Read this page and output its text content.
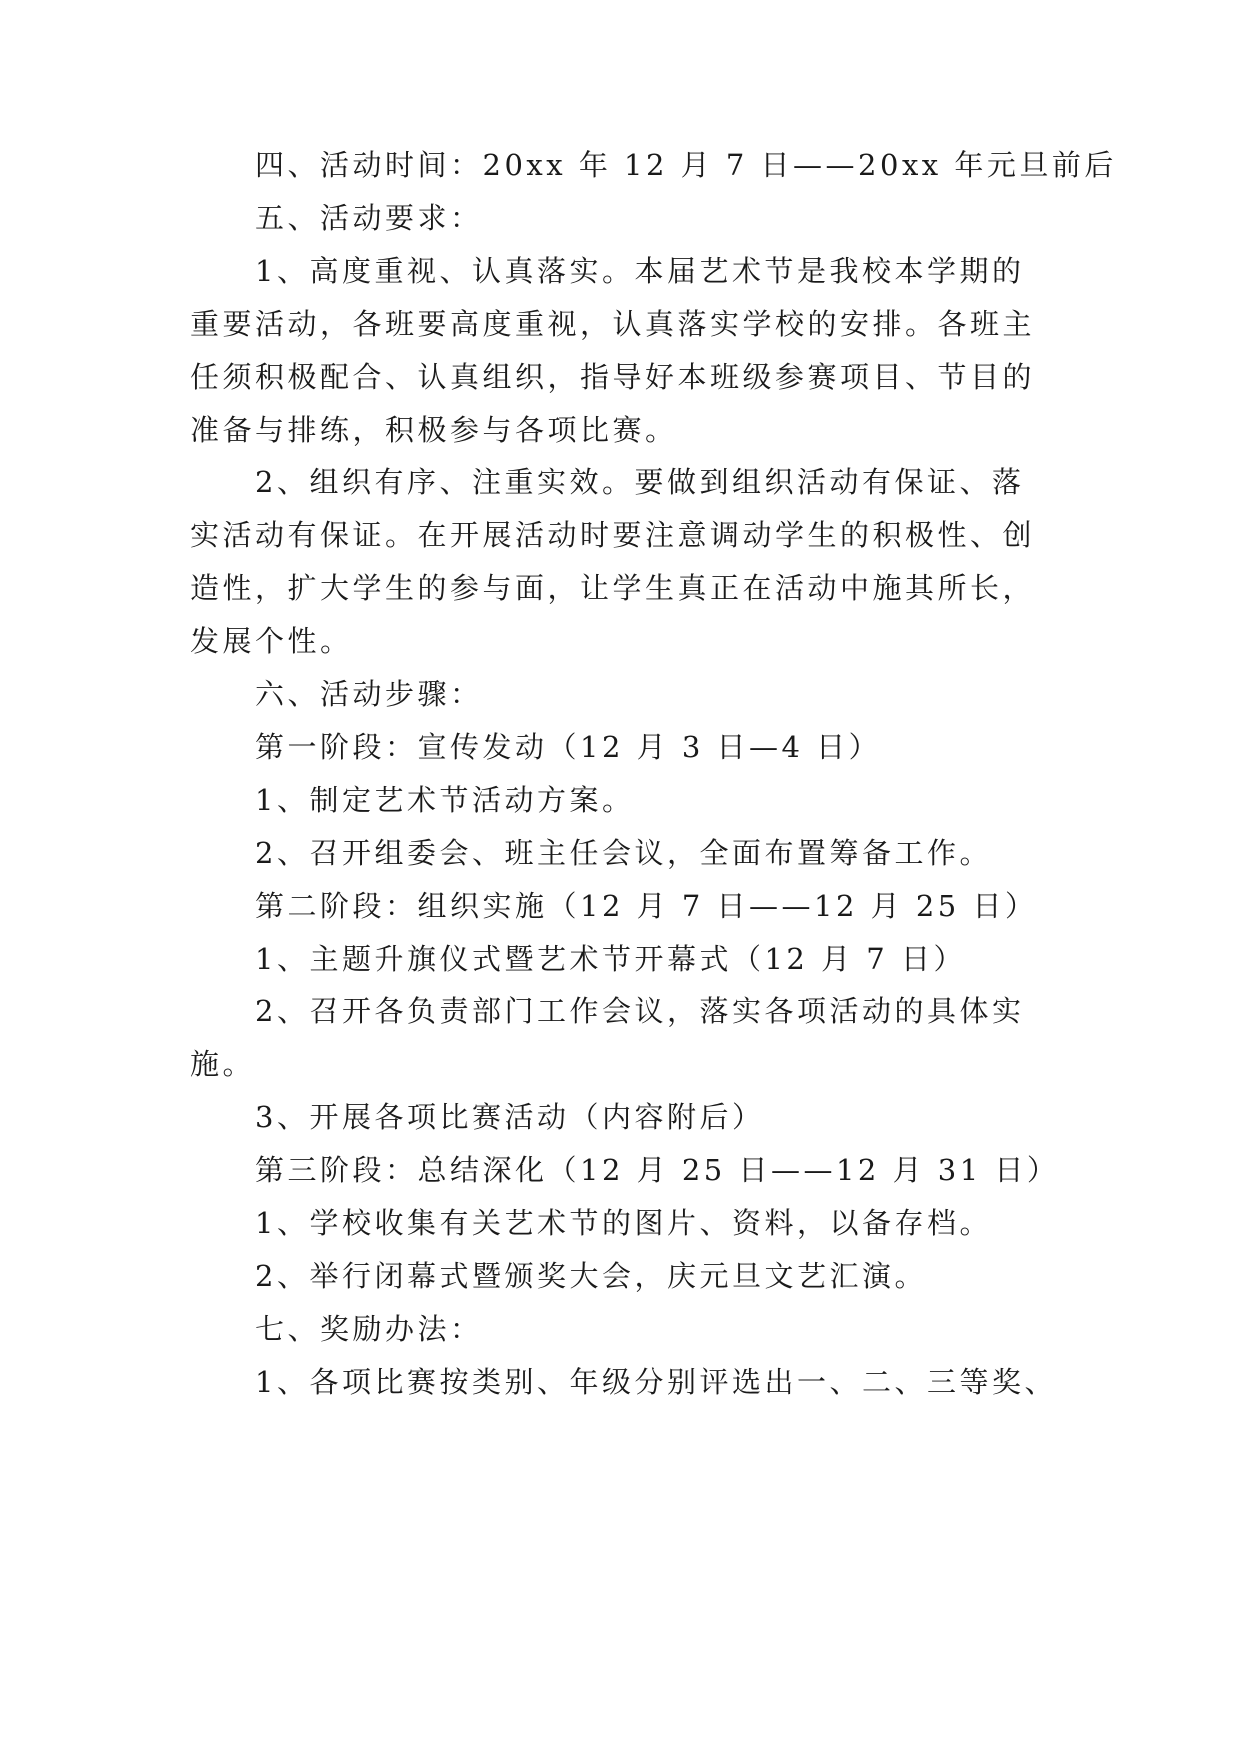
四、活动时间：20xx 年 12 月 7 日——20xx 年元旦前后
五、活动要求：
1、高度重视、认真落实。本届艺术节是我校本学期的
重要活动，各班要高度重视，认真落实学校的安排。各班主
任须积极配合、认真组织，指导好本班级参赛项目、节目的
准备与排练，积极参与各项比赛。
2、组织有序、注重实效。要做到组织活动有保证、落
实活动有保证。在开展活动时要注意调动学生的积极性、创
造性，扩大学生的参与面，让学生真正在活动中施其所长，
发展个性。
六、活动步骤：
第一阶段：宣传发动（12 月 3 日—4 日）
1、制定艺术节活动方案。
2、召开组委会、班主任会议，全面布置筹备工作。
第二阶段：组织实施（12 月 7 日——12 月 25 日）
1、主题升旗仪式暨艺术节开幕式（12 月 7 日）
2、召开各负责部门工作会议，落实各项活动的具体实
施。
3、开展各项比赛活动（内容附后）
第三阶段：总结深化（12 月 25 日——12 月 31 日）
1、学校收集有关艺术节的图片、资料，以备存档。
2、举行闭幕式暨颁奖大会，庆元旦文艺汇演。
七、奖励办法：
1、各项比赛按类别、年级分别评选出一、二、三等奖、
